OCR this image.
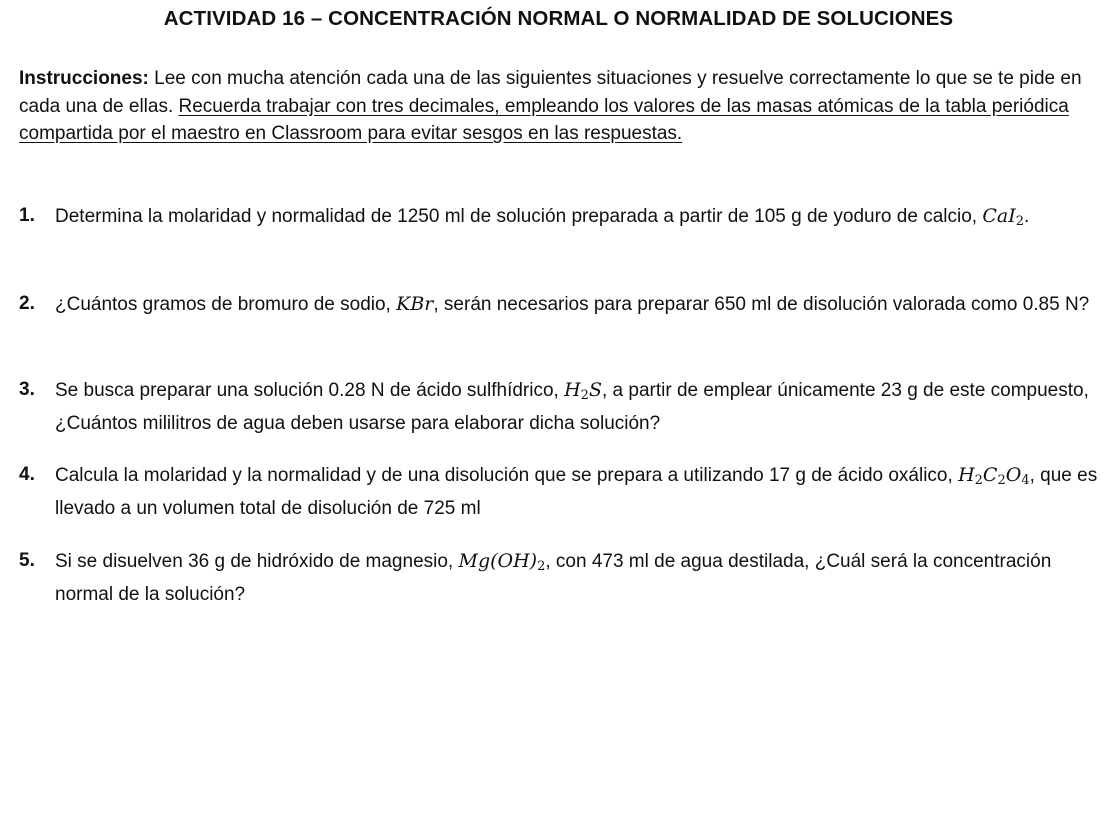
ACTIVIDAD 16 – CONCENTRACIÓN NORMAL O NORMALIDAD DE SOLUCIONES

Instrucciones: Lee con mucha atención cada una de las siguientes situaciones y resuelve correctamente lo que se te pide en cada una de ellas. Recuerda trabajar con tres decimales, empleando los valores de las masas atómicas de la tabla periódica compartida por el maestro en Classroom para evitar sesgos en las respuestas.

1. Determina la molaridad y normalidad de 1250 ml de solución preparada a partir de 105 g de yoduro de calcio, CaI$_2$.
2. ¿Cuántos gramos de bromuro de sodio, KBr, serán necesarios para preparar 650 ml de disolución valorada como 0.85 N?
3. Se busca preparar una solución 0.28 N de ácido sulfhídrico, $H_2S$, a partir de emplear únicamente 23 g de este compuesto, ¿Cuántos mililitros de agua deben usarse para elaborar dicha solución?
4. Calcula la molaridad y la normalidad y de una disolución que se prepara a utilizando 17 g de ácido oxálico, $H_2C_2O_4$, que es llevado a un volumen total de disolución de 725 ml
5. Si se disuelven 36 g de hidróxido de magnesio, $Mg(OH)_2$, con 473 ml de agua destilada, ¿Cuál será la concentración normal de la solución?
